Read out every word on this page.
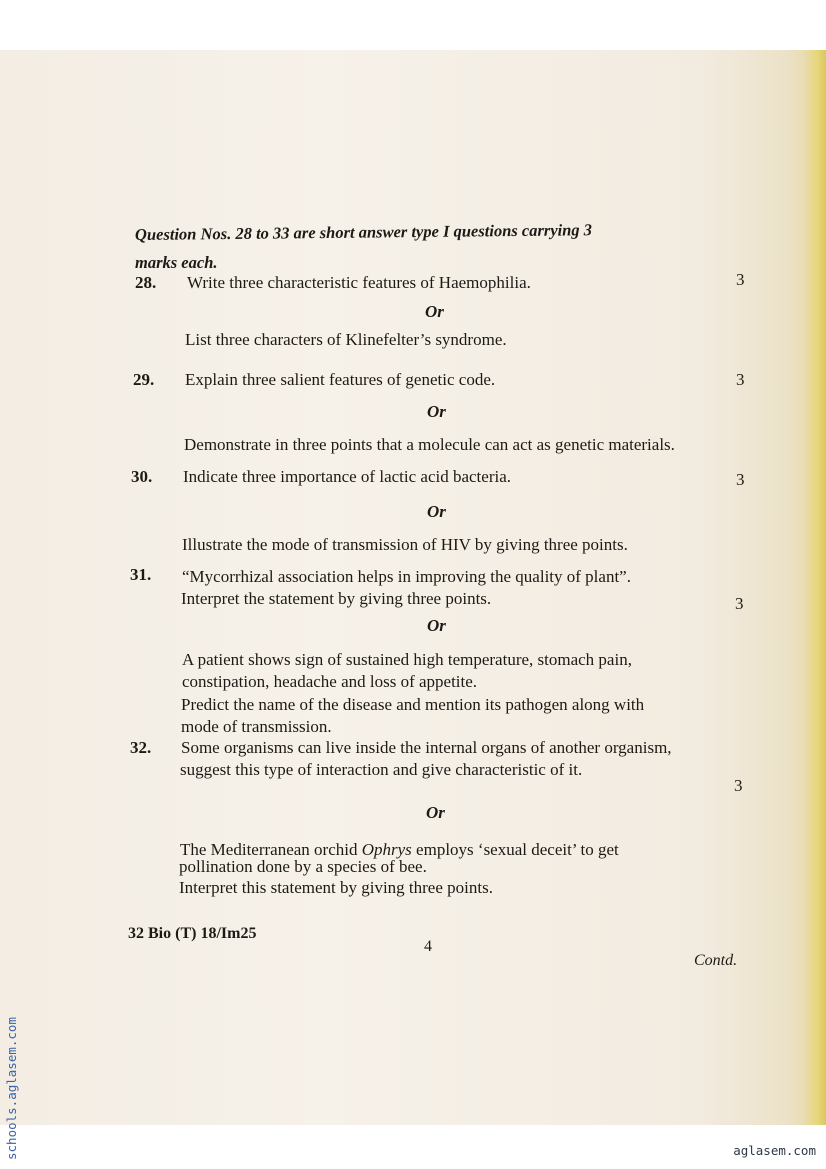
Question Nos. 28 to 33 are short answer type I questions carrying 3
marks each.
28. Write three characteristic features of Haemophilia.	3
Or
List three characters of Klinefelter’s syndrome.
29. Explain three salient features of genetic code.	3
Or
Demonstrate in three points that a molecule can act as genetic materials.
30. Indicate three importance of lactic acid bacteria.	3
Or
Illustrate the mode of transmission of HIV by giving three points.
31. “Mycorrhizal association helps in improving the quality of plant”.
Interpret the statement by giving three points.	3
Or
A patient shows sign of sustained high temperature, stomach pain,
constipation, headache and loss of appetite.
Predict the name of the disease and mention its pathogen along with
mode of transmission.
32. Some organisms can live inside the internal organs of another organism,
suggest this type of interaction and give characteristic of it.
3
Or
The Mediterranean orchid Ophrys employs ‘sexual deceit’ to get
pollination done by a species of bee.
Interpret this statement by giving three points.
32 Bio (T) 18/Im25
4
Contd.
schools.aglasem.com	aglasem.com
